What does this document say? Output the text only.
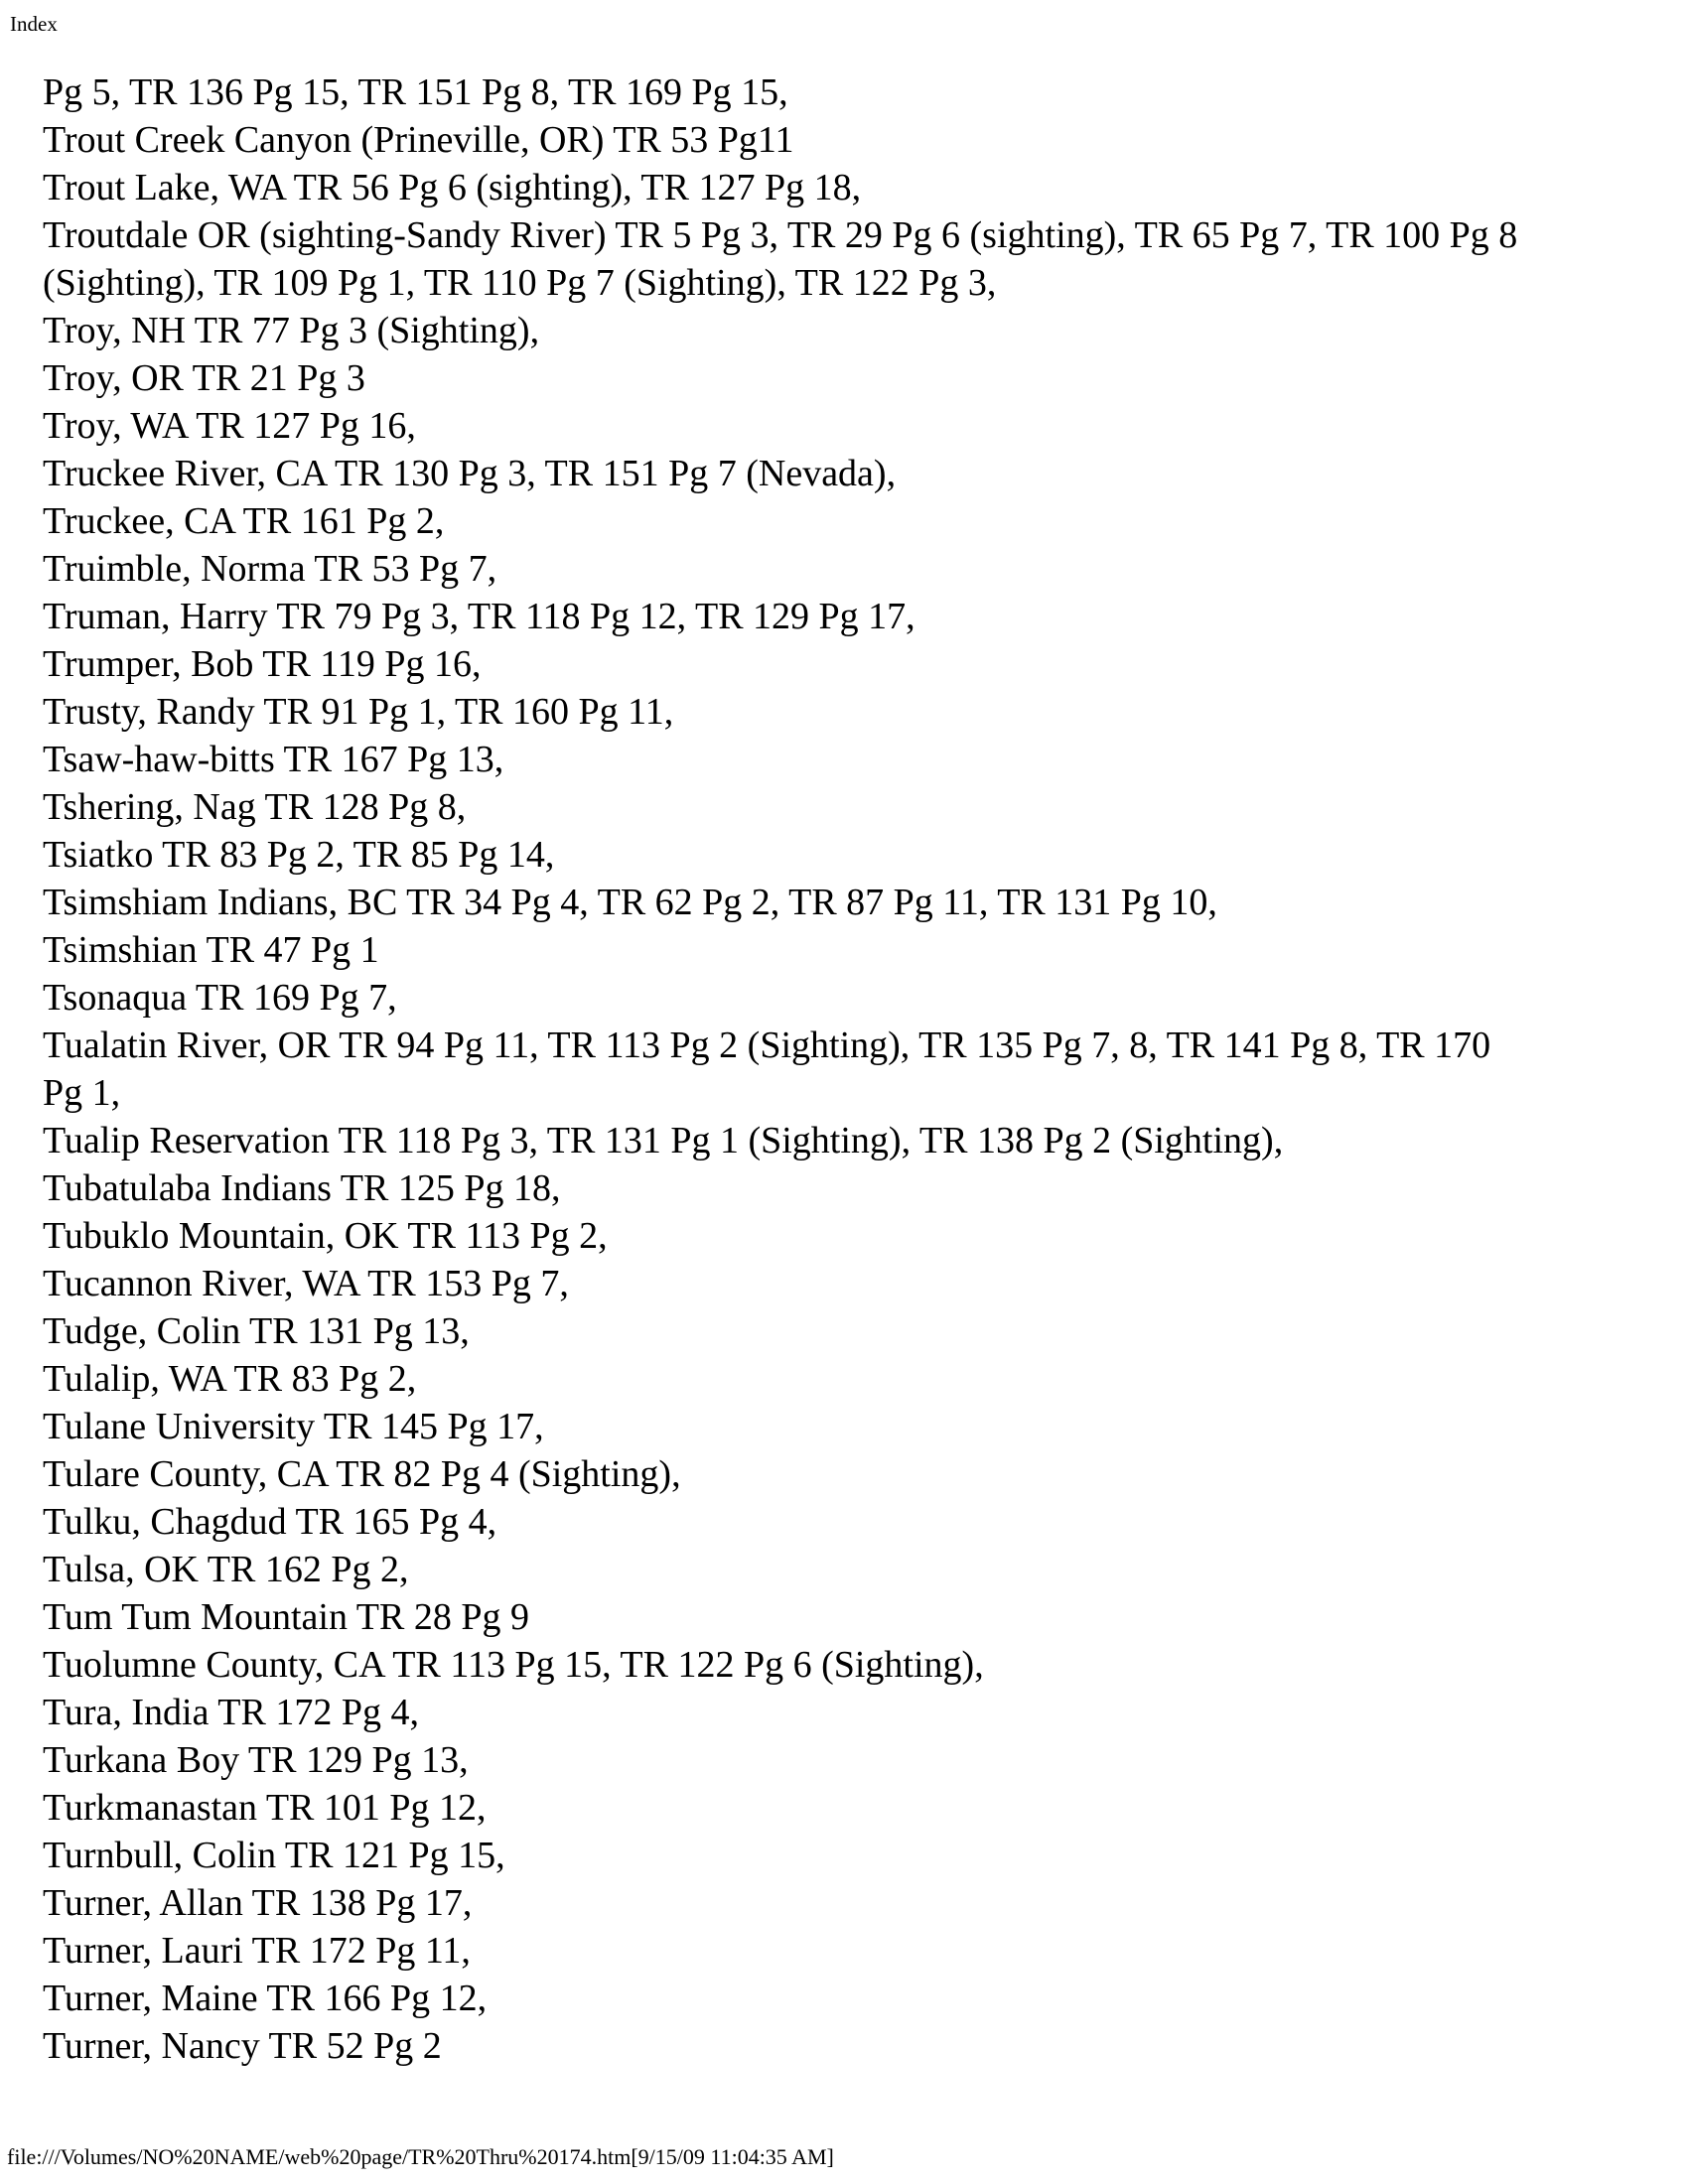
Index
Pg 5, TR 136 Pg 15, TR 151 Pg 8, TR 169 Pg 15,
Trout Creek Canyon (Prineville, OR) TR 53 Pg11
Trout Lake, WA TR 56 Pg 6 (sighting), TR 127 Pg 18,
Troutdale OR (sighting-Sandy River) TR 5 Pg 3, TR 29 Pg 6 (sighting), TR 65 Pg 7, TR 100 Pg 8
(Sighting), TR 109 Pg 1, TR 110 Pg 7 (Sighting), TR 122 Pg 3,
Troy, NH TR 77 Pg 3 (Sighting),
Troy, OR TR 21 Pg 3
Troy, WA TR 127 Pg 16,
Truckee River, CA TR 130 Pg 3, TR 151 Pg 7 (Nevada),
Truckee, CA TR 161 Pg 2,
Truimble, Norma TR 53 Pg 7,
Truman, Harry TR 79 Pg 3, TR 118 Pg 12, TR 129 Pg 17,
Trumper, Bob TR 119 Pg 16,
Trusty, Randy TR 91 Pg 1, TR 160 Pg 11,
Tsaw-haw-bitts TR 167 Pg 13,
Tshering, Nag TR 128 Pg 8,
Tsiatko TR 83 Pg 2, TR 85 Pg 14,
Tsimshiam Indians, BC TR 34 Pg 4, TR 62 Pg 2, TR 87 Pg 11, TR 131 Pg 10,
Tsimshian TR 47 Pg 1
Tsonaqua TR 169 Pg 7,
Tualatin River, OR TR 94 Pg 11, TR 113 Pg 2 (Sighting), TR 135 Pg 7, 8, TR 141 Pg 8, TR 170
Pg 1,
Tualip Reservation TR 118 Pg 3, TR 131 Pg 1 (Sighting), TR 138 Pg 2 (Sighting),
Tubatulaba Indians TR 125 Pg 18,
Tubuklo Mountain, OK TR 113 Pg 2,
Tucannon River, WA TR 153 Pg 7,
Tudge, Colin TR 131 Pg 13,
Tulalip, WA TR 83 Pg 2,
Tulane University TR 145 Pg 17,
Tulare County, CA TR 82 Pg 4 (Sighting),
Tulku, Chagdud TR 165 Pg 4,
Tulsa, OK TR 162 Pg 2,
Tum Tum Mountain TR 28 Pg 9
Tuolumne County, CA TR 113 Pg 15, TR 122 Pg 6 (Sighting),
Tura, India TR 172 Pg 4,
Turkana Boy TR 129 Pg 13,
Turkmanastan TR 101 Pg 12,
Turnbull, Colin TR 121 Pg 15,
Turner, Allan TR 138 Pg 17,
Turner, Lauri TR 172 Pg 11,
Turner, Maine TR 166 Pg 12,
Turner, Nancy TR 52 Pg 2
file:///Volumes/NO%20NAME/web%20page/TR%20Thru%20174.htm[9/15/09 11:04:35 AM]
